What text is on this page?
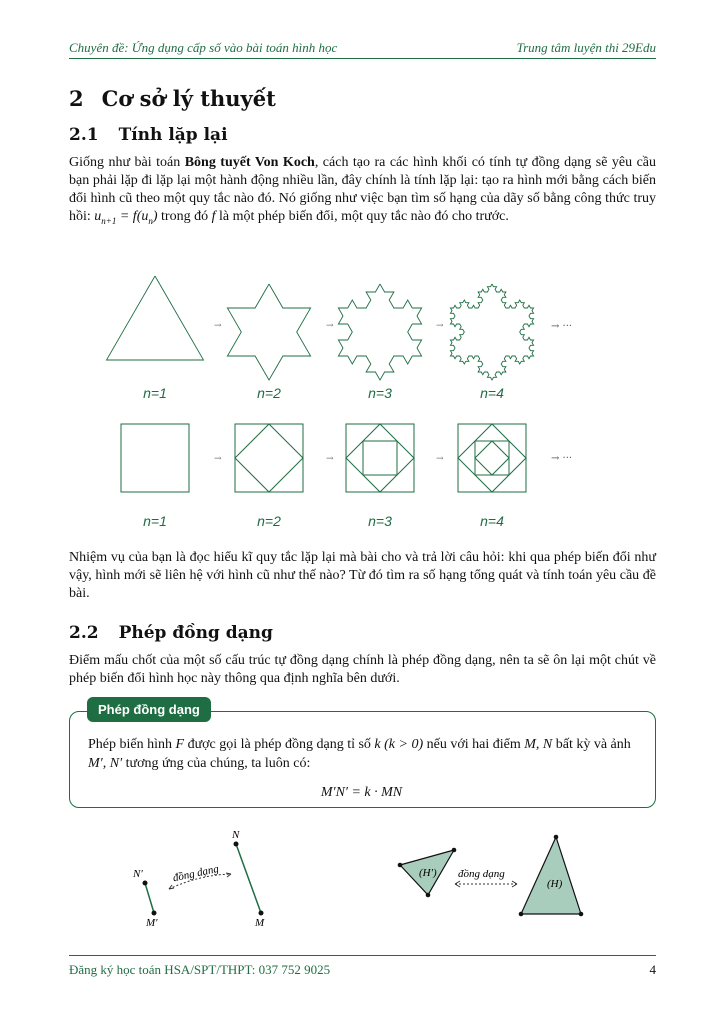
Chuyên đề: Ứng dụng cấp số vào bài toán hình học	Trung tâm luyện thi 29Edu
2 Cơ sở lý thuyết
2.1 Tính lặp lại
Giống như bài toán Bông tuyết Von Koch, cách tạo ra các hình khối có tính tự đồng dạng sẽ yêu cầu bạn phải lặp đi lặp lại một hành động nhiều lần, đây chính là tính lặp lại: tạo ra hình mới bằng cách biến đổi hình cũ theo một quy tắc nào đó. Nó giống như việc bạn tìm số hạng của dãy số bằng công thức truy hồi: $u_{n+1} = f(u_n)$ trong đó f là một phép biến đổi, một quy tắc nào đó cho trước.
→	→	→	→ ···
→	→	→	→ ···
n=1	n=2	n=3	n=4
n=1	n=2	n=3	n=4
Nhiệm vụ của bạn là đọc hiểu kĩ quy tắc lặp lại mà bài cho và trả lời câu hỏi: khi qua phép biến đổi như vậy, hình mới sẽ liên hệ với hình cũ như thế nào? Từ đó tìm ra số hạng tổng quát và tính toán yêu cầu đề bài.
2.2 Phép đồng dạng
Điểm mấu chốt của một số cấu trúc tự đồng dạng chính là phép đồng dạng, nên ta sẽ ôn lại một chút về phép biến đổi hình học này thông qua định nghĩa bên dưới.
Phép đồng dạng
Phép biến hình F được gọi là phép đồng dạng tỉ số k (k > 0) nếu với hai điểm M, N bất kỳ và ảnh M′, N′ tương ứng của chúng, ta luôn có:
M′N′ = k · MN
N
M
N′
M′
đồng dạng	(H′)
(H)
đồng dạng
Đăng ký học toán HSA/SPT/THPT: 037 752 9025	4
